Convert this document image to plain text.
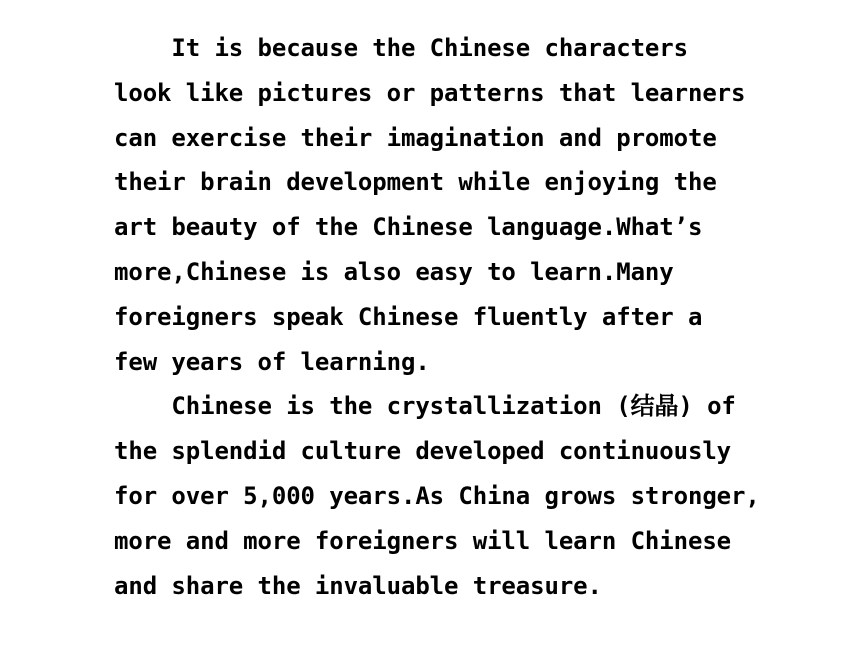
It is because the Chinese characters
look like pictures or patterns that learners
can exercise their imagination and promote
their brain development while enjoying the
art beauty of the Chinese language.What’s
more,Chinese is also easy to learn.Many
foreigners speak Chinese fluently after a
few years of learning.
Chinese is the crystallization (结晶) of
the splendid culture developed continuously
for over 5,000 years.As China grows stronger,
more and more foreigners will learn Chinese
and share the invaluable treasure.
